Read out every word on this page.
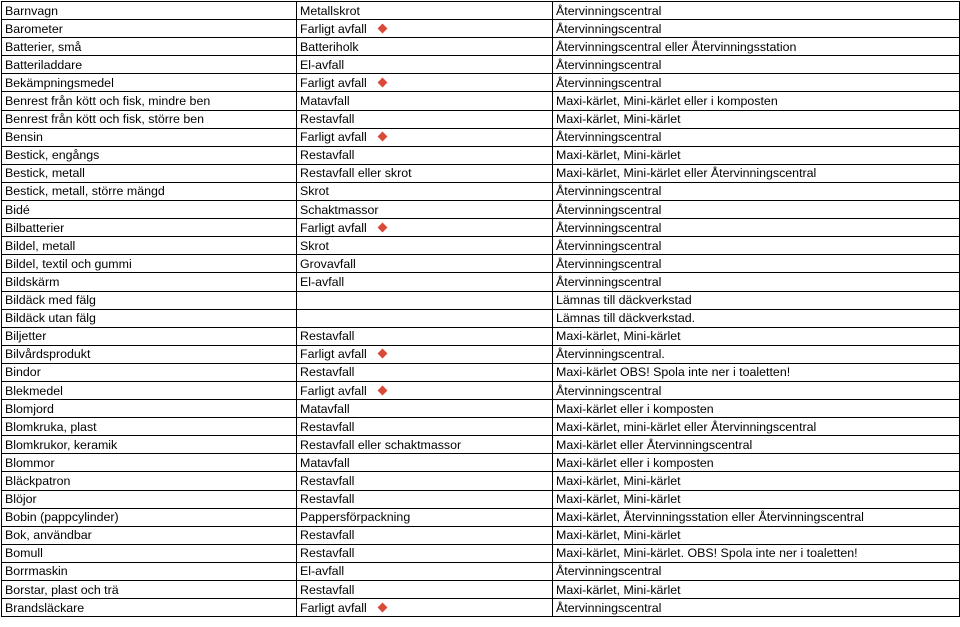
Barnvagn	Metallskrot	Återvinningscentral
Barometer	Farligt avfall	Återvinningscentral
Batterier, små	Batteriholk	Återvinningscentral eller Återvinningsstation
Batteriladdare	El-avfall	Återvinningscentral
Bekämpningsmedel	Farligt avfall	Återvinningscentral
Benrest från kött och fisk, mindre ben	Matavfall	Maxi-kärlet, Mini-kärlet eller i komposten
Benrest från kött och fisk, större ben	Restavfall	Maxi-kärlet, Mini-kärlet
Bensin	Farligt avfall	Återvinningscentral
Bestick, engångs	Restavfall	Maxi-kärlet, Mini-kärlet
Bestick, metall	Restavfall eller skrot	Maxi-kärlet, Mini-kärlet eller Återvinningscentral
Bestick, metall, större mängd	Skrot	Återvinningscentral
Bidé	Schaktmassor	Återvinningscentral
Bilbatterier	Farligt avfall	Återvinningscentral
Bildel, metall	Skrot	Återvinningscentral
Bildel, textil och gummi	Grovavfall	Återvinningscentral
Bildskärm	El-avfall	Återvinningscentral
Bildäck med fälg		Lämnas till däckverkstad
Bildäck utan fälg		Lämnas till däckverkstad.
Biljetter	Restavfall	Maxi-kärlet, Mini-kärlet
Bilvårdsprodukt	Farligt avfall	Återvinningscentral.
Bindor	Restavfall	Maxi-kärlet OBS! Spola inte ner i toaletten!
Blekmedel	Farligt avfall	Återvinningscentral
Blomjord	Matavfall	Maxi-kärlet eller i komposten
Blomkruka, plast	Restavfall	Maxi-kärlet, mini-kärlet eller Återvinningscentral
Blomkrukor, keramik	Restavfall eller schaktmassor	Maxi-kärlet eller Återvinningscentral
Blommor	Matavfall	Maxi-kärlet eller i komposten
Bläckpatron	Restavfall	Maxi-kärlet, Mini-kärlet
Blöjor	Restavfall	Maxi-kärlet, Mini-kärlet
Bobin (pappcylinder)	Pappersförpackning	Maxi-kärlet, Återvinningsstation eller Återvinningscentral
Bok, användbar	Restavfall	Maxi-kärlet, Mini-kärlet
Bomull	Restavfall	Maxi-kärlet, Mini-kärlet. OBS! Spola inte ner i toaletten!
Borrmaskin	El-avfall	Återvinningscentral
Borstar, plast och trä	Restavfall	Maxi-kärlet, Mini-kärlet
Brandsläckare	Farligt avfall	Återvinningscentral
